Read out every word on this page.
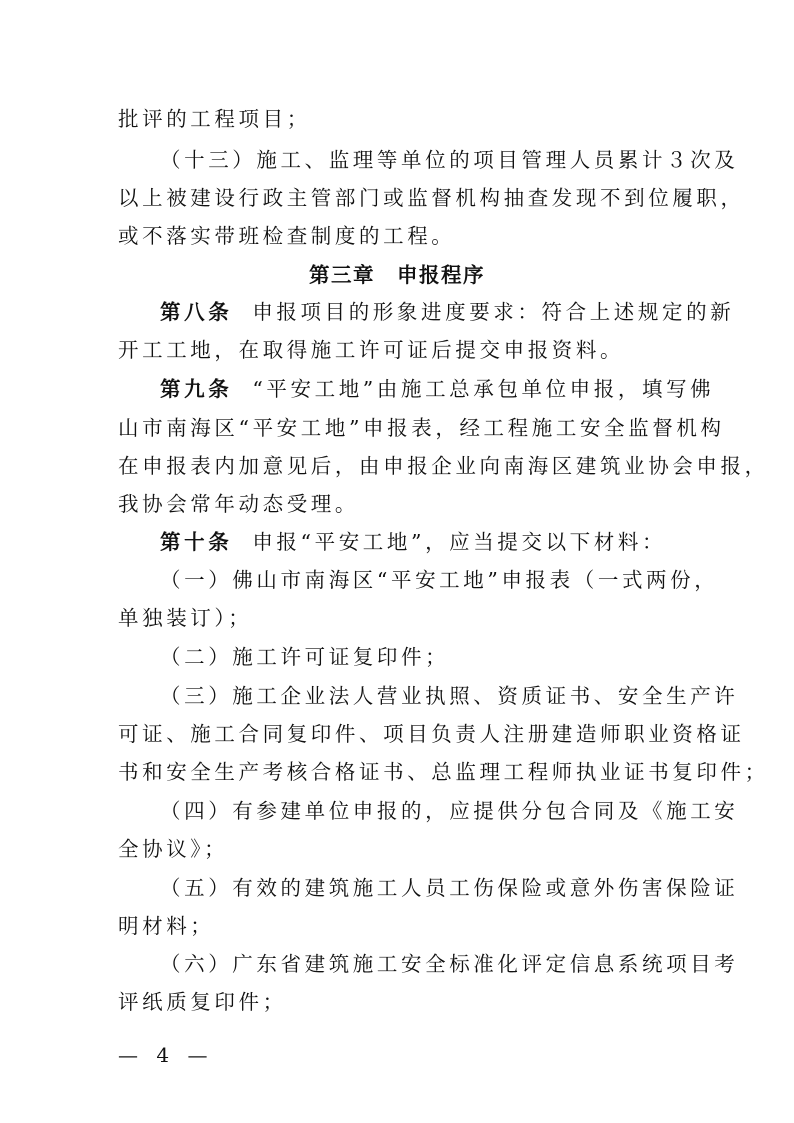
批评的工程项目；
（十三）施工、监理等单位的项目管理人员累计３次及
以上被建设行政主管部门或监督机构抽查发现不到位履职，
或不落实带班检查制度的工程。
第三章　申报程序
第八条 申报项目的形象进度要求：符合上述规定的新
开工工地，在取得施工许可证后提交申报资料。
第九条 “平安工地”由施工总承包单位申报，填写佛
山市南海区“平安工地”申报表，经工程施工安全监督机构
在申报表内加意见后，由申报企业向南海区建筑业协会申报，
我协会常年动态受理。
第十条 申报“平安工地”，应当提交以下材料：
（一）佛山市南海区“平安工地”申报表（一式两份，
单独装订）；
（二）施工许可证复印件；
（三）施工企业法人营业执照、资质证书、安全生产许
可证、施工合同复印件、项目负责人注册建造师职业资格证
书和安全生产考核合格证书、总监理工程师执业证书复印件；
（四）有参建单位申报的，应提供分包合同及《施工安
全协议》；
（五）有效的建筑施工人员工伤保险或意外伤害保险证
明材料；
（六）广东省建筑施工安全标准化评定信息系统项目考
评纸质复印件；
— 4 —
